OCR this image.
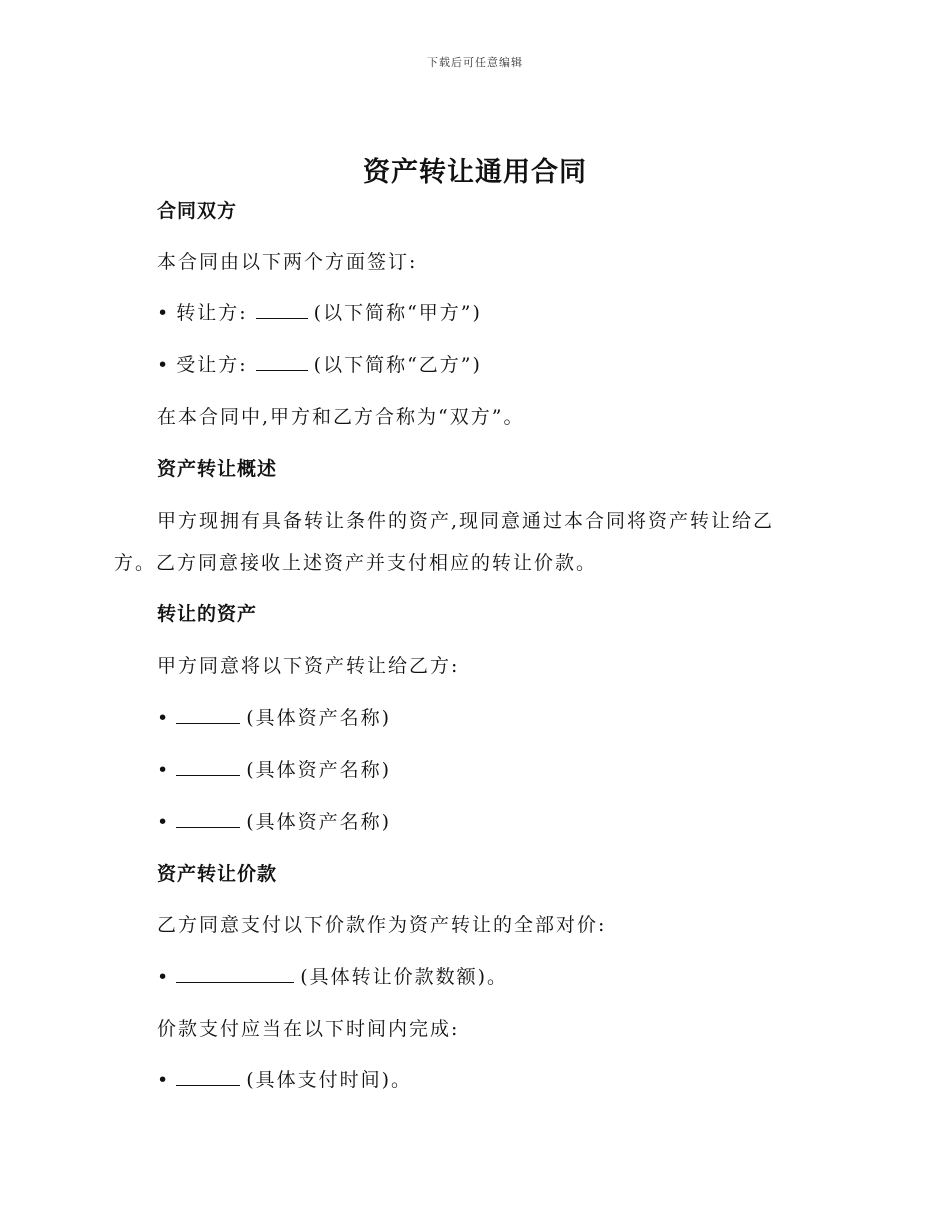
下载后可任意编辑
资产转让通用合同
合同双方
本合同由以下两个方面签订:
• 转让方:	(以下简称“甲方”)
• 受让方:	(以下简称“乙方”)
在本合同中,甲方和乙方合称为“双方”。
资产转让概述
甲方现拥有具备转让条件的资产,现同意通过本合同将资产转让给乙方。乙方同意接收上述资产并支付相应的转让价款。
转让的资产
甲方同意将以下资产转让给乙方:
•	(具体资产名称)
•	(具体资产名称)
•	(具体资产名称)
资产转让价款
乙方同意支付以下价款作为资产转让的全部对价:
•	(具体转让价款数额)。
价款支付应当在以下时间内完成:
•	(具体支付时间)。
